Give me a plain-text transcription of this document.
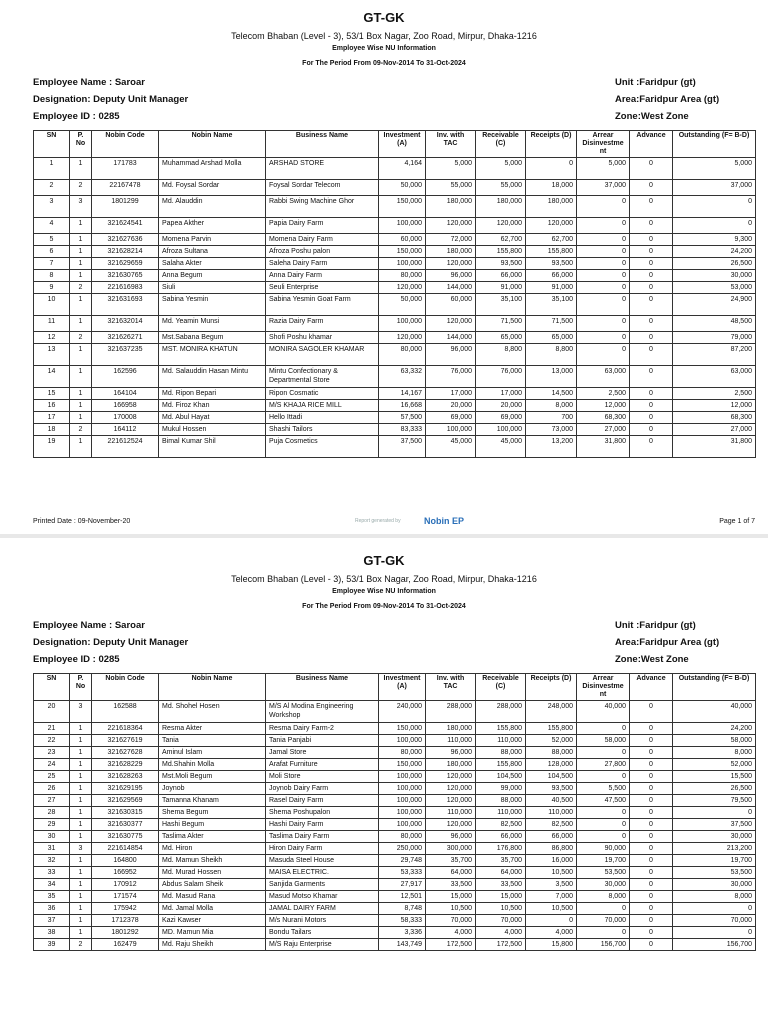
GT-GK
Telecom Bhaban (Level - 3), 53/1 Box Nagar, Zoo Road, Mirpur, Dhaka-1216
Employee Wise NU Information
For The Period From 09-Nov-2014 To 31-Oct-2024
Employee Name : Saroar
Designation: Deputy Unit Manager
Employee ID : 0285
Unit :Faridpur (gt)
Area:Faridpur Area (gt)
Zone:West Zone
SN	P. No	Nobin Code	Nobin Name	Business Name	Investment (A)	Inv. with TAC	Receivable (C)	Receipts (D)	Arrear Disinvestme nt	Advance	Outstanding (F= B-D)
1	1	171783	Muhammad Arshad Molla	ARSHAD STORE	4,164	5,000	5,000	0	5,000	0	5,000
2	2	22167478	Md. Foysal Sordar	Foysal Sordar Telecom	50,000	55,000	55,000	18,000	37,000	0	37,000
3	3	1801299	Md. Alauddin	Rabbi Swing Machine Ghor	150,000	180,000	180,000	180,000	0	0	0
4	1	321624541	Papea Akther	Papia Dairy Farm	100,000	120,000	120,000	120,000	0	0	0
5	1	321627636	Momena Parvin	Momena Dairy Farm	60,000	72,000	62,700	62,700	0	0	9,300
6	1	321628214	Afroza Sultana	Afroza Poshu palon	150,000	180,000	155,800	155,800	0	0	24,200
7	1	321629659	Salaha Akter	Saleha Dairy Farm	100,000	120,000	93,500	93,500	0	0	26,500
8	1	321630765	Anna Begum	Anna Dairy Farm	80,000	96,000	66,000	66,000	0	0	30,000
9	2	221616983	Siuli	Seuli Enterprise	120,000	144,000	91,000	91,000	0	0	53,000
10	1	321631693	Sabina Yesmin	Sabina Yesmin Goat Farm	50,000	60,000	35,100	35,100	0	0	24,900
11	1	321632014	Md. Yeamin Munsi	Razia Dairy Farm	100,000	120,000	71,500	71,500	0	0	48,500
12	2	321626271	Mst.Sabana Begum	Shofi Poshu khamar	120,000	144,000	65,000	65,000	0	0	79,000
13	1	321637235	MST. MONIRA KHATUN	MONIRA SAGOLER KHAMAR	80,000	96,000	8,800	8,800	0	0	87,200
14	1	162596	Md. Salauddin Hasan Mintu	Mintu Confectionary & Departmental Store	63,332	76,000	76,000	13,000	63,000	0	63,000
15	1	164104	Md. Ripon Bepari	Ripon Cosmatic	14,167	17,000	17,000	14,500	2,500	0	2,500
16	1	166958	Md. Firoz Khan	M/S KHAJA RICE MILL	16,668	20,000	20,000	8,000	12,000	0	12,000
17	1	170008	Md. Abul Hayat	Hello Ittadi	57,500	69,000	69,000	700	68,300	0	68,300
18	2	164112	Mukul Hossen	Shashi Tailors	83,333	100,000	100,000	73,000	27,000	0	27,000
19	1	221612524	Bimal Kumar Shil	Puja Cosmetics	37,500	45,000	45,000	13,200	31,800	0	31,800
Printed Date : 09-November-20	Report generated by	Nobin EP	Page 1 of 7
GT-GK
Telecom Bhaban (Level - 3), 53/1 Box Nagar, Zoo Road, Mirpur, Dhaka-1216
Employee Wise NU Information
For The Period From 09-Nov-2014 To 31-Oct-2024
Employee Name : Saroar
Designation: Deputy Unit Manager
Employee ID : 0285
Unit :Faridpur (gt)
Area:Faridpur Area (gt)
Zone:West Zone
SN	P. No	Nobin Code	Nobin Name	Business Name	Investment (A)	Inv. with TAC	Receivable (C)	Receipts (D)	Arrear Disinvestme nt	Advance	Outstanding (F= B-D)
20	3	162588	Md. Shohel Hosen	M/S Al Modina Engineering Workshop	240,000	288,000	288,000	248,000	40,000	0	40,000
21	1	221618364	Resma Akter	Resma Dairy Farm-2	150,000	180,000	155,800	155,800	0	0	24,200
22	1	321627619	Tania	Tania Panjabi	100,000	110,000	110,000	52,000	58,000	0	58,000
23	1	321627628	Aminul Islam	Jamal Store	80,000	96,000	88,000	88,000	0	0	8,000
24	1	321628229	Md.Shahin Molla	Arafat Furniture	150,000	180,000	155,800	128,000	27,800	0	52,000
25	1	321628263	Mst.Moli Begum	Moli Store	100,000	120,000	104,500	104,500	0	0	15,500
26	1	321629195	Joynob	Joynob Dairy Farm	100,000	120,000	99,000	93,500	5,500	0	26,500
27	1	321629569	Tamanna Khanam	Rasel Dairy Farm	100,000	120,000	88,000	40,500	47,500	0	79,500
28	1	321630315	Shema Begum	Shema Poshupalon	100,000	110,000	110,000	110,000	0	0	0
29	1	321630377	Hashi Begum	Hashi Dairy Farm	100,000	120,000	82,500	82,500	0	0	37,500
30	1	321630775	Taslima Akter	Taslima Dairy Farm	80,000	96,000	66,000	66,000	0	0	30,000
31	3	221614854	Md. Hiron	Hiron Dairy Farm	250,000	300,000	176,800	86,800	90,000	0	213,200
32	1	164800	Md. Mamun Sheikh	Masuda Steel House	29,748	35,700	35,700	16,000	19,700	0	19,700
33	1	166952	Md. Murad Hossen	MAISA ELECTRIC.	53,333	64,000	64,000	10,500	53,500	0	53,500
34	1	170912	Abdus Salam Sheik	Sanjida Garments	27,917	33,500	33,500	3,500	30,000	0	30,000
35	1	171574	Md. Masud Rana	Masud Motso Khamar	12,501	15,000	15,000	7,000	8,000	0	8,000
36	1	175942	Md. Jamal Molla	JAMAL DAIRY FARM	8,748	10,500	10,500	10,500	0	0	0
37	1	1712378	Kazi Kawser	M/s Nurani Motors	58,333	70,000	70,000	0	70,000	0	70,000
38	1	1801292	MD. Mamun Mia	Bondu Tailars	3,336	4,000	4,000	4,000	0	0	0
39	2	162479	Md. Raju Sheikh	M/S Raju Enterprise	143,749	172,500	172,500	15,800	156,700	0	156,700
